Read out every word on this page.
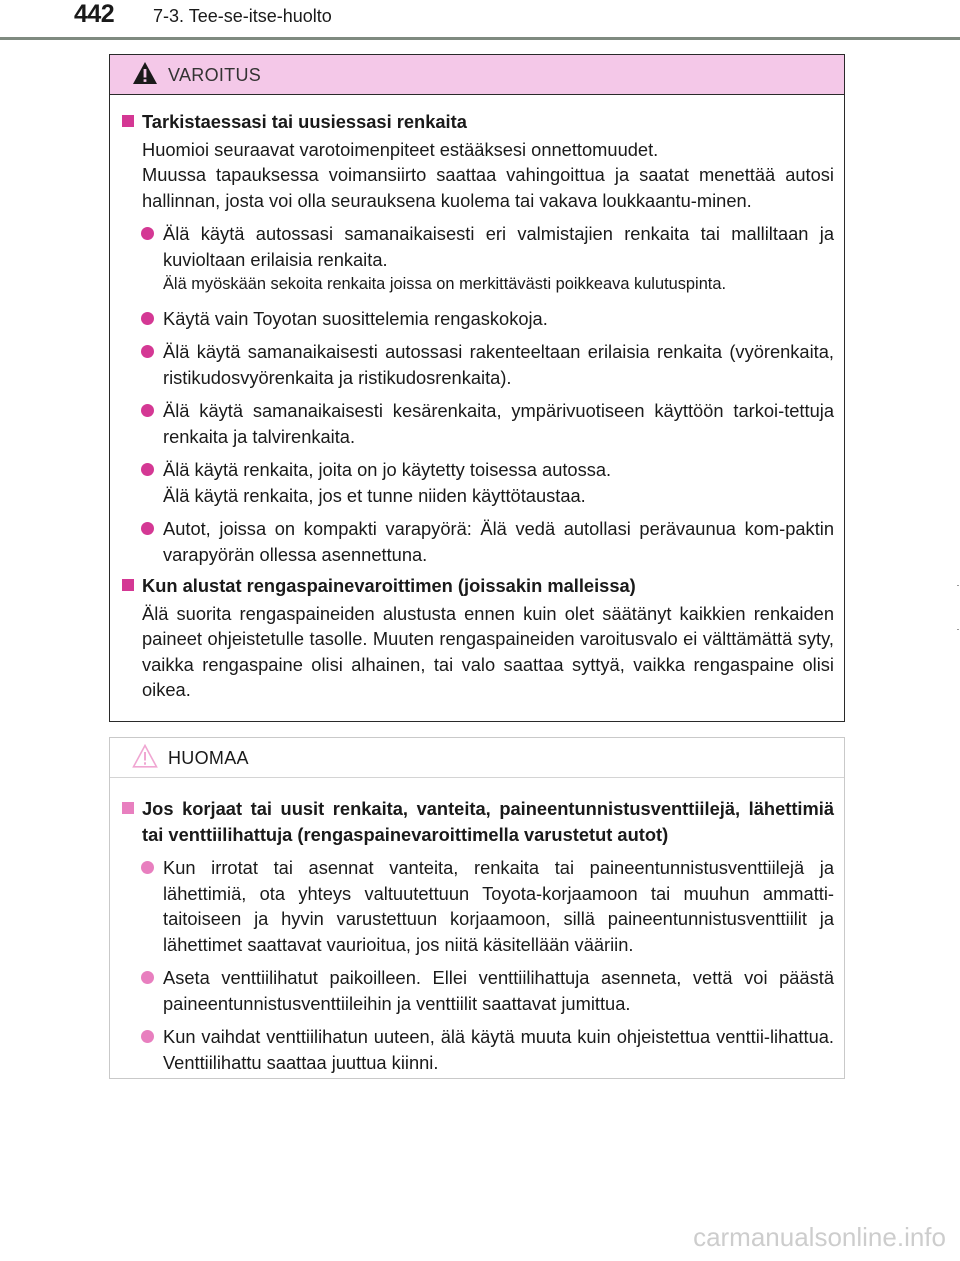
442 7-3. Tee-se-itse-huolto
VAROITUS
Tarkistaessasi tai uusiessasi renkaita
Huomioi seuraavat varotoimenpiteet estääksesi onnettomuudet.
Muussa tapauksessa voimansiirto saattaa vahingoittua ja saatat menettää autosi hallinnan, josta voi olla seurauksena kuolema tai vakava loukkaantu-minen.
Älä käytä autossasi samanaikaisesti eri valmistajien renkaita tai malliltaan ja kuvioltaan erilaisia renkaita.
Älä myöskään sekoita renkaita joissa on merkittävästi poikkeava kulutuspinta.
Käytä vain Toyotan suosittelemia rengaskokoja.
Älä käytä samanaikaisesti autossasi rakenteeltaan erilaisia renkaita (vyörenkaita, ristikudosvyörenkaita ja ristikudosrenkaita).
Älä käytä samanaikaisesti kesärenkaita, ympärivuotiseen käyttöön tarkoi-tettuja renkaita ja talvirenkaita.
Älä käytä renkaita, joita on jo käytetty toisessa autossa.
Älä käytä renkaita, jos et tunne niiden käyttötaustaa.
Autot, joissa on kompakti varapyörä: Älä vedä autollasi perävaunua kom-paktin varapyörän ollessa asennettuna.
Kun alustat rengaspainevaroittimen (joissakin malleissa)
Älä suorita rengaspaineiden alustusta ennen kuin olet säätänyt kaikkien renkaiden paineet ohjeistetulle tasolle. Muuten rengaspaineiden varoitusvalo ei välttämättä syty, vaikka rengaspaine olisi alhainen, tai valo saattaa syttyä, vaikka rengaspaine olisi oikea.
HUOMAA
Jos korjaat tai uusit renkaita, vanteita, paineentunnistusventtiilejä, lähettimiä tai venttiilihattuja (rengaspainevaroittimella varustetut autot)
Kun irrotat tai asennat vanteita, renkaita tai paineentunnistusventtiilejä ja lähettimiä, ota yhteys valtuutettuun Toyota-korjaamoon tai muuhun ammatti-taitoiseen ja hyvin varustettuun korjaamoon, sillä paineentunnistusventtiilit ja lähettimet saattavat vaurioitua, jos niitä käsitellään vääriin.
Aseta venttiilihatut paikoilleen. Ellei venttiilihattuja asenneta, vettä voi päästä paineentunnistusventtiileihin ja venttiilit saattavat jumittua.
Kun vaihdat venttiilihatun uuteen, älä käytä muuta kuin ohjeistettua venttii-lihattua. Venttiilihattu saattaa juuttua kiinni.
carmanualsonline.info
